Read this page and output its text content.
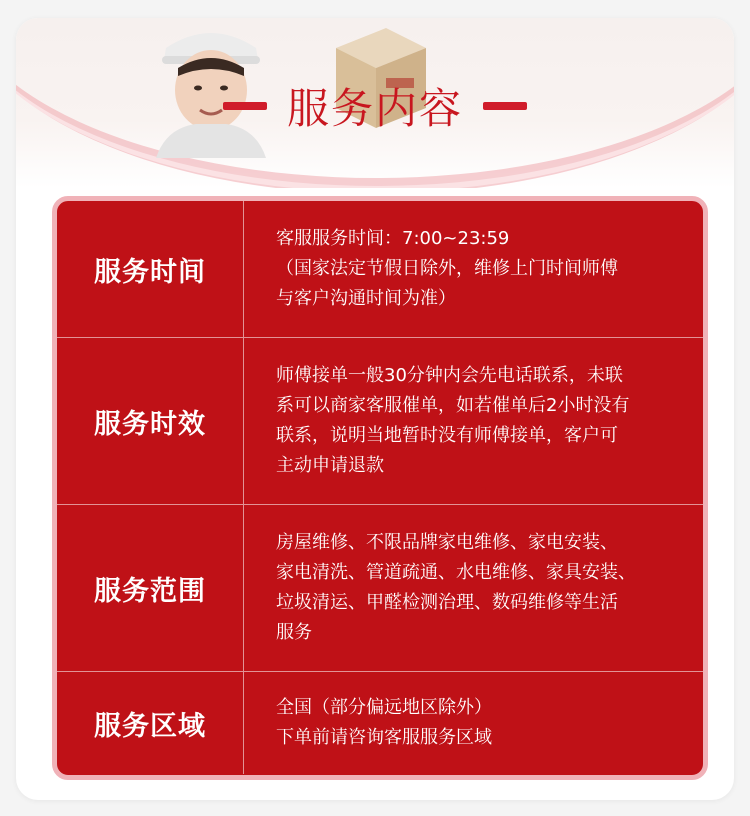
服务内容
服务时间

客服服务时间：7:00~23:59

（国家法定节假日除外，维修上门时间师傅

与客户沟通时间为准）

服务时效

师傅接单一般30分钟内会先电话联系，未联

系可以商家客服催单，如若催单后2小时没有

联系，说明当地暂时没有师傅接单，客户可

主动申请退款

服务范围

房屋维修、不限品牌家电维修、家电安装、

家电清洗、管道疏通、水电维修、家具安装、

垃圾清运、甲醛检测治理、数码维修等生活

服务

服务区域

全国（部分偏远地区除外）

下单前请咨询客服服务区域
